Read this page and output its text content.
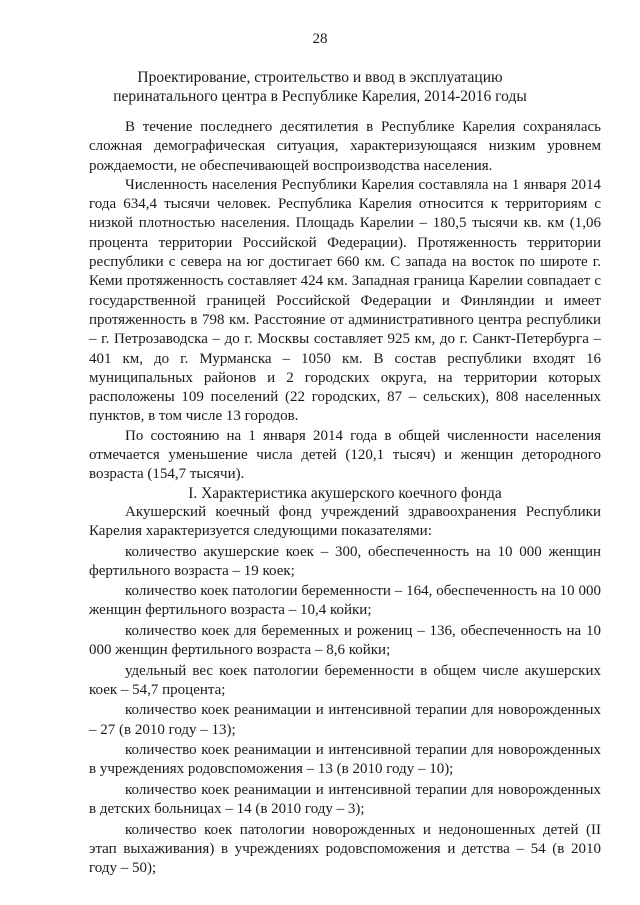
28
Проектирование, строительство и ввод в эксплуатацию
перинатального центра в Республике Карелия, 2014-2016 годы

В течение последнего десятилетия в Республике Карелия сохранялась сложная демографическая ситуация, характеризующаяся низким уровнем рождаемости, не обеспечивающей воспроизводства населения.

Численность населения Республики Карелия составляла на 1 января 2014 года 634,4 тысячи человек. Республика Карелия относится к территориям с низкой плотностью населения. Площадь Карелии – 180,5 тысячи кв. км (1,06 процента территории Российской Федерации). Протяженность территории республики с севера на юг достигает 660 км. С запада на восток по широте г. Кеми протяженность составляет 424 км. Западная граница Карелии совпадает с государственной границей Российской Федерации и Финляндии и имеет протяженность в 798 км. Расстояние от административного центра республики – г. Петрозаводска – до г. Москвы составляет 925 км, до г. Санкт-Петербурга – 401 км, до г. Мурманска – 1050 км. В состав республики входят 16 муниципальных районов и 2 городских округа, на территории которых расположены 109 поселений (22 городских, 87 – сельских), 808 населенных пунктов, в том числе 13 городов.

По состоянию на 1 января 2014 года в общей численности населения отмечается уменьшение числа детей (120,1 тысяч) и женщин детородного возраста (154,7 тысячи).

I. Характеристика акушерского коечного фонда

Акушерский коечный фонд учреждений здравоохранения Республики Карелия характеризуется следующими показателями:

количество акушерские коек – 300, обеспеченность на 10 000 женщин фертильного возраста – 19 коек;

количество коек патологии беременности – 164, обеспеченность на 10 000 женщин фертильного возраста – 10,4 койки;

количество коек для беременных и рожениц – 136, обеспеченность на 10 000 женщин фертильного возраста – 8,6 койки;

удельный вес коек патологии беременности в общем числе акушерских коек – 54,7 процента;

количество коек реанимации и интенсивной терапии для новорожденных – 27 (в 2010 году – 13);

количество коек реанимации и интенсивной терапии для новорожденных в учреждениях родовспоможения – 13 (в 2010 году – 10);

количество коек реанимации и интенсивной терапии для новорожденных в детских больницах – 14 (в 2010 году – 3);

количество коек патологии новорожденных и недоношенных детей (II этап выхаживания) в учреждениях родовспоможения и детства – 54 (в 2010 году – 50);
